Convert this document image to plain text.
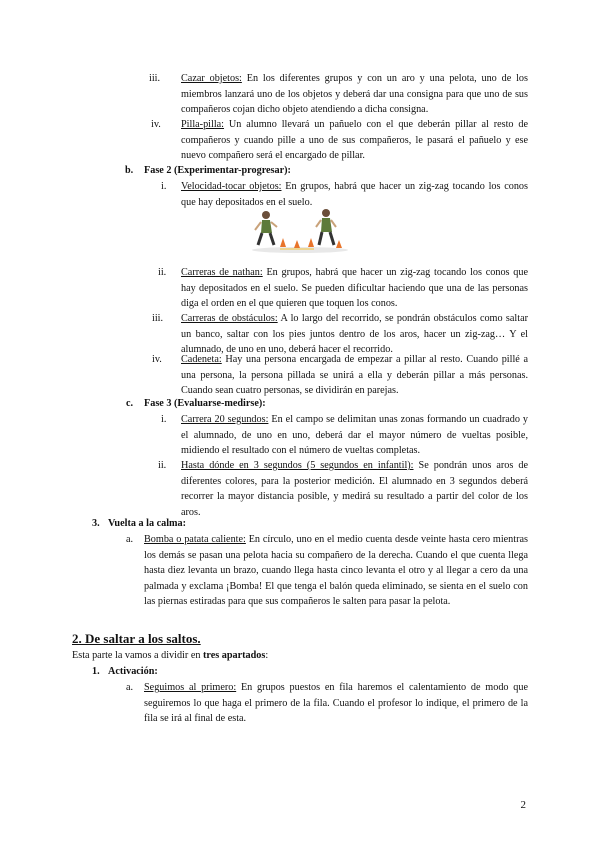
iii. Cazar objetos: En los diferentes grupos y con un aro y una pelota, uno de los miembros lanzará uno de los objetos y deberá dar una consigna para que uno de sus compañeros cojan dicho objeto atendiendo a dicha consigna.
iv. Pilla-pilla: Un alumno llevará un pañuelo con el que deberán pillar al resto de compañeros y cuando pille a uno de sus compañeros, le pasará el pañuelo y ese nuevo compañero será el encargado de pillar.
b. Fase 2 (Experimentar-progresar):
i. Velocidad-tocar objetos: En grupos, habrá que hacer un zig-zag tocando los conos que hay depositados en el suelo.
ii. Carreras de nathan: En grupos, habrá que hacer un zig-zag tocando los conos que hay depositados en el suelo. Se pueden dificultar haciendo que una de las personas diga el orden en el que quieren que toquen los conos.
iii. Carreras de obstáculos: A lo largo del recorrido, se pondrán obstáculos como saltar un banco, saltar con los pies juntos dentro de los aros, hacer un zig-zag… Y el alumnado, de uno en uno, deberá hacer el recorrido.
iv. Cadeneta: Hay una persona encargada de empezar a pillar al resto. Cuando pillé a una persona, la persona pillada se unirá a ella y deberán pillar a más personas. Cuando sean cuatro personas, se dividirán en parejas.
c. Fase 3 (Evaluarse-medirse):
i. Carrera 20 segundos: En el campo se delimitan unas zonas formando un cuadrado y el alumnado, de uno en uno, deberá dar el mayor número de vueltas posible, midiendo el resultado con el número de vueltas completas.
ii. Hasta dónde en 3 segundos (5 segundos en infantil): Se pondrán unos aros de diferentes colores, para la posterior medición. El alumnado en 3 segundos deberá recorrer la mayor distancia posible, y medirá su resultado a partir del color de los aros.
3. Vuelta a la calma:
a. Bomba o patata caliente: En círculo, uno en el medio cuenta desde veinte hasta cero mientras los demás se pasan una pelota hacia su compañero de la derecha. Cuando el que cuenta llega hasta diez levanta un brazo, cuando llega hasta cinco levanta el otro y al llegar a cero da una palmada y exclama ¡Bomba! El que tenga el balón queda eliminado, se sienta en el suelo con las piernas estiradas para que sus compañeros le salten para pasar la pelota.
2. De saltar a los saltos.
Esta parte la vamos a dividir en tres apartados:
1. Activación:
a. Seguimos al primero: En grupos puestos en fila haremos el calentamiento de modo que seguiremos lo que haga el primero de la fila. Cuando el profesor lo indique, el primero de la fila se irá al final de esta.
2
